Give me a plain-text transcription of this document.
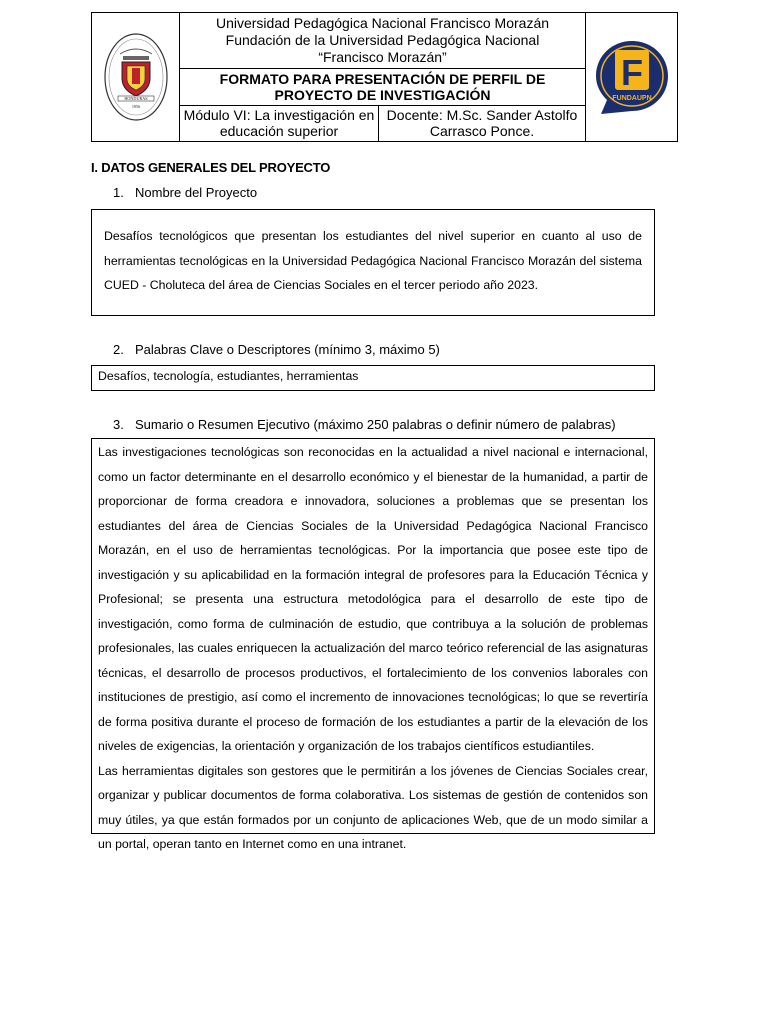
HONDURAS
1956
Universidad Pedagógica Nacional Francisco Morazán
Fundación de la Universidad Pedagógica Nacional
“Francisco Morazán”
FORMATO PARA PRESENTACIÓN DE PERFIL DE PROYECTO DE INVESTIGACIÓN
Módulo VI: La investigación en educación superior
Docente: M.Sc. Sander Astolfo Carrasco Ponce.
F
FUNDAUPN
I. DATOS GENERALES DEL PROYECTO
1. Nombre del Proyecto
Desafíos tecnológicos que presentan los estudiantes del nivel superior en cuanto al uso de herramientas tecnológicas en la Universidad Pedagógica Nacional Francisco Morazán del sistema CUED - Choluteca del área de Ciencias Sociales en el tercer periodo año 2023.
2. Palabras Clave o Descriptores (mínimo 3, máximo 5)
Desafíos, tecnología, estudiantes, herramientas
3. Sumario o Resumen Ejecutivo (máximo 250 palabras o definir número de palabras)

Las investigaciones tecnológicas son reconocidas en la actualidad a nivel nacional e internacional, como un factor determinante en el desarrollo económico y el bienestar de la humanidad, a partir de proporcionar de forma creadora e innovadora, soluciones a problemas que se presentan los estudiantes del área de Ciencias Sociales de la Universidad Pedagógica Nacional Francisco Morazán, en el uso de herramientas tecnológicas. Por la importancia que posee este tipo de investigación y su aplicabilidad en la formación integral de profesores para la Educación Técnica y Profesional; se presenta una estructura metodológica para el desarrollo de este tipo de investigación, como forma de culminación de estudio, que contribuya a la solución de problemas profesionales, las cuales enriquecen la actualización del marco teórico referencial de las asignaturas técnicas, el desarrollo de procesos productivos, el fortalecimiento de los convenios laborales con instituciones de prestigio, así como el incremento de innovaciones tecnológicas; lo que se revertiría de forma positiva durante el proceso de formación de los estudiantes a partir de la elevación de los niveles de exigencias, la orientación y organización de los trabajos científicos estudiantiles.

Las herramientas digitales son gestores que le permitirán a los jóvenes de Ciencias Sociales crear, organizar y publicar documentos de forma colaborativa. Los sistemas de gestión de contenidos son muy útiles, ya que están formados por un conjunto de aplicaciones Web, que de un modo similar a un portal, operan tanto en Internet como en una intranet.
